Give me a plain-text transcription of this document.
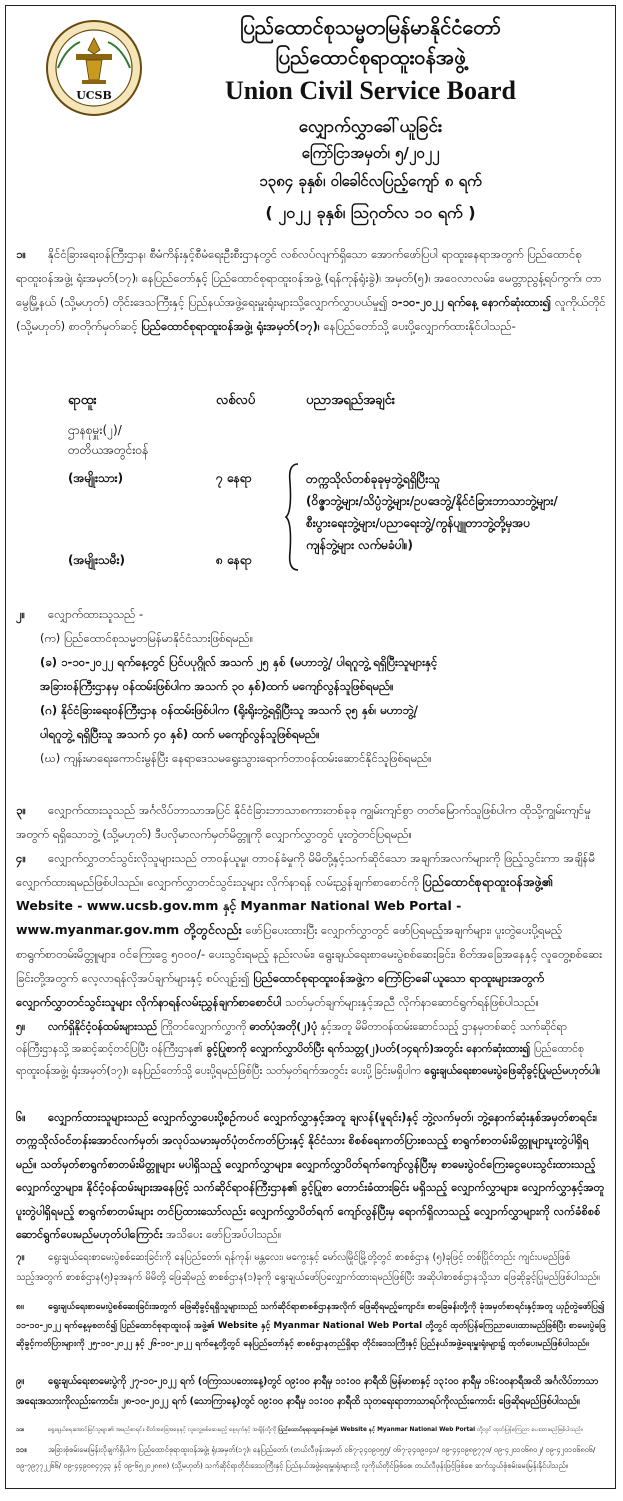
UCSB
ပြည်ထောင်စုသမ္မတမြန်မာနိုင်ငံတော်
ပြည်ထောင်စုရာထူးဝန်အဖွဲ့
Union Civil Service Board
လျှောက်လွှာခေါ်ယူခြင်း
ကြော်ငြာအမှတ်၊ ၅/၂၀၂၂
၁၃၈၄ ခုနှစ်၊ ဝါခေါင်လပြည့်ကျော် ၈ ရက်
( ၂၀၂၂ ခုနှစ်၊ ဩဂုတ်လ ၁၀ ရက် )
၁။ နိုင်ငံခြားရေးဝန်ကြီးဌာန၊ စီမံကိန်းနှင့်စီမံရေးဦးစီးဌာနတွင် လစ်လပ်လျက်ရှိသော အောက်ဖော်ပြပါ ရာထူးနေရာအတွက် ပြည်ထောင်စုရာထူးဝန်အဖွဲ့၊ ရုံးအမှတ်(၁၇)၊ နေပြည်တော်နှင့် ပြည်ထောင်စုရာထူးဝန်အဖွဲ့ (ရန်ကုန်ရုံးခွဲ)၊ အမှတ်(၅)၊ အဝေလာလမ်း၊ မေတ္တာညွန့်ရပ်ကွက်၊ တာမွေမြို့နယ် (သို့မဟုတ်) တိုင်းဒေသကြီးနှင့် ပြည်နယ်အဖွဲ့ရေးမှူးရုံးများသို့လျှောက်လွှာပယ်မှု၍ ၁-၁၀-၂၀၂၂ ရက်နေ့ နောက်ဆုံးထား၍ လူကိုယ်တိုင် (သို့မဟုတ်) စာတိုက်မှတ်ဆင့် ပြည်ထောင်စုရာထူးဝန်အဖွဲ့၊ ရုံးအမှတ်(၁၇)၊ နေပြည်တော်သို့ ပေးပို့လျှောက်ထားနိုင်ပါသည်-
ရာထူး	လစ်လပ်	ပညာအရည်အချင်း
ဌာနစုမှူး(၂)/
တတိယအတွင်းဝန်
(အမျိုးသား)	၇ နေရာ
(အမျိုးသမီး)	၈ နေရာ
တက္ကသိုလ်တစ်ခုခုမှဘွဲ့ရရှိပြီးသူ
(ဝိဇ္ဇာဘွဲ့များ/သိပ္ပံဘွဲ့များ/ဥပဒေဘွဲ့/နိုင်ငံခြားဘာသာဘွဲ့များ/
စီးပွားရေးဘွဲ့များ/ပညာရေးဘွဲ့/ကွန်ပျူတာဘွဲ့တို့မှအပ
ကျန်ဘွဲ့များ လက်မခံပါ။)
၂။ လျှောက်ထားသူသည် -
(က) ပြည်ထောင်စုသမ္မတမြန်မာနိုင်ငံသားဖြစ်ရမည်။
(ခ) ၁-၁၀-၂၀၂၂ ရက်နေ့တွင် ပြင်ပပုဂ္ဂိုလ် အသက် ၂၅ နှစ် (မဟာဘွဲ့/ ပါရဂူဘွဲ့ ရရှိပြီးသူများနှင့်
အခြားဝန်ကြီးဌာနမှ ဝန်ထမ်းဖြစ်ပါက အသက် ၃၀ နှစ်)ထက် မကျော်လွန်သူဖြစ်ရမည်။
(ဂ) နိုင်ငံခြားရေးဝန်ကြီးဌာန ဝန်ထမ်းဖြစ်ပါက (ရိုးရိုးဘွဲ့ရရှိပြီးသူ အသက် ၃၅ နှစ်၊ မဟာဘွဲ့/
ပါရဂူဘွဲ့ ရရှိပြီးသူ အသက် ၄၀ နှစ်) ထက် မကျော်လွန်သူဖြစ်ရမည်။
(ဃ) ကျန်းမာရေးကောင်းမွန်ပြီး နေရာဒေသမရွေးသွားရောက်တာဝန်ထမ်းဆောင်နိုင်သူဖြစ်ရမည်။
၃။ လျှောက်ထားသူသည် အင်္ဂလိပ်ဘာသာအပြင် နိုင်ငံခြားဘာသာစကားတစ်ခုခု ကျွမ်းကျင်စွာ တတ်မြောက်သူဖြစ်ပါက ထိုသို့ကျွမ်းကျင်မှုအတွက် ရရှိသောဘွဲ့ (သို့မဟုတ်) ဒီပလိုမာလက်မှတ်မိတ္တူကို လျှောက်လွှာတွင် ပူးတွဲတင်ပြရမည်။
၄။ လျှောက်လွှာတင်သွင်းလိုသူများသည် တာဝန်ယူမှု၊ တာဝန်ခံမှုကို မိမိတို့နှင့်သက်ဆိုင်သော အချက်အလက်များကို ဖြည့်သွင်းကာ အချိန်မီလျှောက်ထားရမည်ဖြစ်ပါသည်။ လျှောက်လွှာတင်သွင်းသူများ လိုက်နာရန် လမ်းညွှန်ချက်စာစောင်ကို ပြည်ထောင်စုရာထူးဝန်အဖွဲ့၏ Website - www.ucsb.gov.mm နှင့် Myanmar National Web Portal - www.myanmar.gov.mm တို့တွင်လည်း ဖော်ပြပေးထားပြီး လျှောက်လွှာတွင် ဖော်ပြရမည့်အချက်များ၊ ပူးတွဲပေးပို့ရမည့် စာရွက်စာတမ်းမိတ္တူများ၊ ဝင်ကြေးငွေ ၅၀၀၀/- ပေးသွင်းရမည့် နည်းလမ်း၊ ရွေးချယ်ရေးစာမေးပွဲစစ်ဆေးခြင်း၊ စိတ်အခြေအနေနှင့် လူတွေ့စစ်ဆေးခြင်းတို့အတွက် လေ့လာရန်လိုအပ်ချက်များနှင့် စပ်လျဉ်း၍ ပြည်ထောင်စုရာထူးဝန်အဖွဲ့က ကြော်ငြာခေါ်ယူသော ရာထူးများအတွက် လျှောက်လွှာတင်သွင်းသူများ လိုက်နာရန်လမ်းညွှန်ချက်စာစောင်ပါ သတ်မှတ်ချက်များနှင့်အညီ လိုက်နာဆောင်ရွက်ရန်ဖြစ်ပါသည်။
၅။ လက်ရှိနိုင်ငံ့ဝန်ထမ်းများသည် ကြိုတင်လျှောက်လွှာကို ဓာတ်ပုံအတို(၂)ပုံ နှင့်အတူ မိမိတာဝန်ထမ်းဆောင်သည့် ဌာနမှတစ်ဆင့် သက်ဆိုင်ရာဝန်ကြီးဌာနသို့ အဆင့်ဆင့်တင်ပြပြီး ဝန်ကြီးဌာန၏ ခွင့်ပြုစာကို လျှောက်လွှာပိတ်ပြီး ရက်သတ္တ(၂)ပတ်(၁၄ရက်)အတွင်း နောက်ဆုံးထား၍ ပြည်ထောင်စုရာထူးဝန်အဖွဲ့၊ ရုံးအမှတ်(၁၇)၊ နေပြည်တော်သို့ ပေးပို့ရမည်ဖြစ်ပြီး သတ်မှတ်ရက်အတွင်း ပေးပို့ခြင်းမရှိပါက ရွေးချယ်ရေးစာမေးပွဲဖြေဆိုခွင့်ပြုမည်မဟုတ်ပါ။
၆။ လျှောက်ထားသူများသည် လျှောက်လွှာပေးပို့စဉ်ကပင် လျှောက်လွှာနှင့်အတူ ချလန်(မူရင်း)နှင့် ဘွဲ့လက်မှတ်၊ ဘွဲ့နောက်ဆုံးနှစ်အမှတ်စာရင်း၊ တက္ကသိုလ်ဝင်တန်းအောင်လက်မှတ်၊ အလုပ်သမားမှတ်ပုံတင်ကတ်ပြားနှင့် နိုင်ငံသား စိစစ်ရေးကတ်ပြားစသည့် စာရွက်စာတမ်းမိတ္တူများပူးတွဲပါရှိရမည်။ သတ်မှတ်စာရွက်စာတမ်းမိတ္တူများ မပါရှိသည့် လျှောက်လွှာများ၊ လျှောက်လွှာပိတ်ရက်ကျော်လွန်ပြီးမှ စာမေးပွဲဝင်ကြေးငွေပေးသွင်းထားသည့်လျှောက်လွှာများ၊ နိုင်ငံ့ဝန်ထမ်းများအနေဖြင့် သက်ဆိုင်ရာဝန်ကြီးဌာန၏ ခွင့်ပြုစာ တောင်းခံထားခြင်း မရှိသည့် လျှောက်လွှာများ၊ လျှောက်လွှာနှင့်အတူ ပူးတွဲပါရှိရမည့် စာရွက်စာတမ်းများ တင်ပြထားသော်လည်း လျှောက်လွှာပိတ်ရက် ကျော်လွန်ပြီးမှ ရောက်ရှိလာသည့် လျှောက်လွှာများကို လက်ခံစိစစ်ဆောင်ရွက်ပေးမည်မဟုတ်ပါကြောင်း အသိပေး ဖော်ပြအပ်ပါသည်။
၇။ ရွေးချယ်ရေးစာမေးပွဲစစ်ဆေးခြင်းကို နေပြည်တော်၊ ရန်ကုန်၊ မန္တလေး၊ မကွေးနှင့် မော်လမြိုင်မြို့တို့တွင် စာစစ်ဌာန (၅)ခုဖြင့် တစ်ပြိုင်တည်း ကျင်းပမည်ဖြစ်သည့်အတွက် စာစစ်ဌာန(၅)ခုအနက် မိမိတို့ ဖြေဆိုမည့် စာစစ်ဌာန(၁)ခုကို ရွေးချယ်ဖော်ပြလျှောက်ထားရမည်ဖြစ်ပြီး အဆိုပါစာစစ်ဌာနသို့သာ ဖြေဆိုခွင့်ပြုမည်ဖြစ်ပါသည်။
၈။	ရွေးချယ်ရေးစာမေးပွဲစစ်ဆေးခြင်းအတွက် ဖြေဆိုခွင့်ရရှိသူများသည် သက်ဆိုင်ရာစာစစ်ဌာနအလိုက် ဖြေဆိုရမည့်ကျောင်း၊ စာခြေခန်းတို့ကို ခုံအမှတ်စာရင်းနှင့်အတူ ယှဉ်တွဲဖော်ပြ၍ ၁၁-၁၀-၂၀၂၂ ရက်နေ့မှစတင်၍ ပြည်ထောင်စုရာထူးဝန် အဖွဲ့၏ Website နှင့် Myanmar National Web Portal တို့တွင် ထုတ်ပြန်ကြေညာပေးထားမည်ဖြစ်ပြီး စာမေးပွဲဖြေဆိုခွင့်ကတ်ပြားများကို ၂၅-၁၀-၂၀၂၂ နှင့် ၂၆-၁၀-၂၀၂၂ ရက်နေ့တို့တွင် နေပြည်တော်နှင့် စာစစ်ဌာနတည်ရှိရာ တိုင်းဒေသကြီးနှင့် ပြည်နယ်အဖွဲ့ရေးမှူးရုံးများ၌ ထုတ်ပေးမည်ဖြစ်ပါသည်။
၉။	ရွေးချယ်ရေးစာမေးပွဲကို ၂၇-၁၀-၂၀၂၂ ရက် (ဝကြာသပတေးနေ့)တွင် ဝ၉:ဝဝ နာရီမှ ၁၁:၀၀ နာရီထိ မြန်မာစာနှင့် ၁၃:၀၀ နာရီမှ ၁၆:၀၀နာရီအထိ အင်္ဂလိပ်ဘာသာအရေးအသားကိုလည်းကောင်း၊ ၂၈-၁၀-၂၀၂၂ ရက် (သောကြာနေ့)တွင် ဝ၉:ဝဝ နာရီမှ ၁၁:၀၀ နာရီထိ သုတရေးရာဘာသာရပ်ကိုလည်းကောင်း ဖြေဆိုရမည်ဖြစ်ပါသည်။
၁၀။	ရွေးချယ်ရေးအောင်မြင်သူများ၏ အမည်စာရင်း၊ စိတ်အခြေအနေနှင့် လူတွေ့စစ်ဆေးမည့် နေ့ရက်နှင့် အချိန်တို့ကို ပြည်ထောင်စုရာထူးဝန်အဖွဲ့၏ Website နှင့် Myanmar National Web Portal တို့တွင် ထုတ်ပြန်ကြေညာ ပေးထားမည်ဖြစ်ပါသည်။
၁၁။	အခြားစုံစမ်းမေးမြန်းလိုချက်ရှိပါက ပြည်ထောင်စုရာထူးဝန်အဖွဲ့၊ ရုံးအမှတ်(၁၇)၊ နေပြည်တော်၊ (တယ်လီဖုန်းအမှတ် ဝ၆၇-၃၄ဝ၉၀၅၅/ ဝ၆၇-၃၄ဝ၉၀၄၁/ ဝ၉-၄၄၀၉၈၉၇၇၀/ ဝ၉-၄၂၀၁၀၆၈၀၂/ ဝ၉-၄၂၀၁၀၆၈၀၆/ ဝ၉-၇၉၇၇၂၂၆၆/ ဝ၉-၄၄၉၀၈၄၇၄၃ နှင့် ဝ၉-၆၅၂၀၂၈၈၈) (သို့မဟုတ်) သက်ဆိုင်ရာတိုင်းဒေသကြီးနှင့် ပြည်နယ်အဖွဲ့ရေးမှူးရုံးများသို့ လူကိုယ်တိုင်ဖြစ်စေ၊ တယ်လီဖုန်းဖြင့်ဖြစ်စေ ဆက်သွယ်စုံစမ်းမေးမြန်းနိုင်ပါသည်။
